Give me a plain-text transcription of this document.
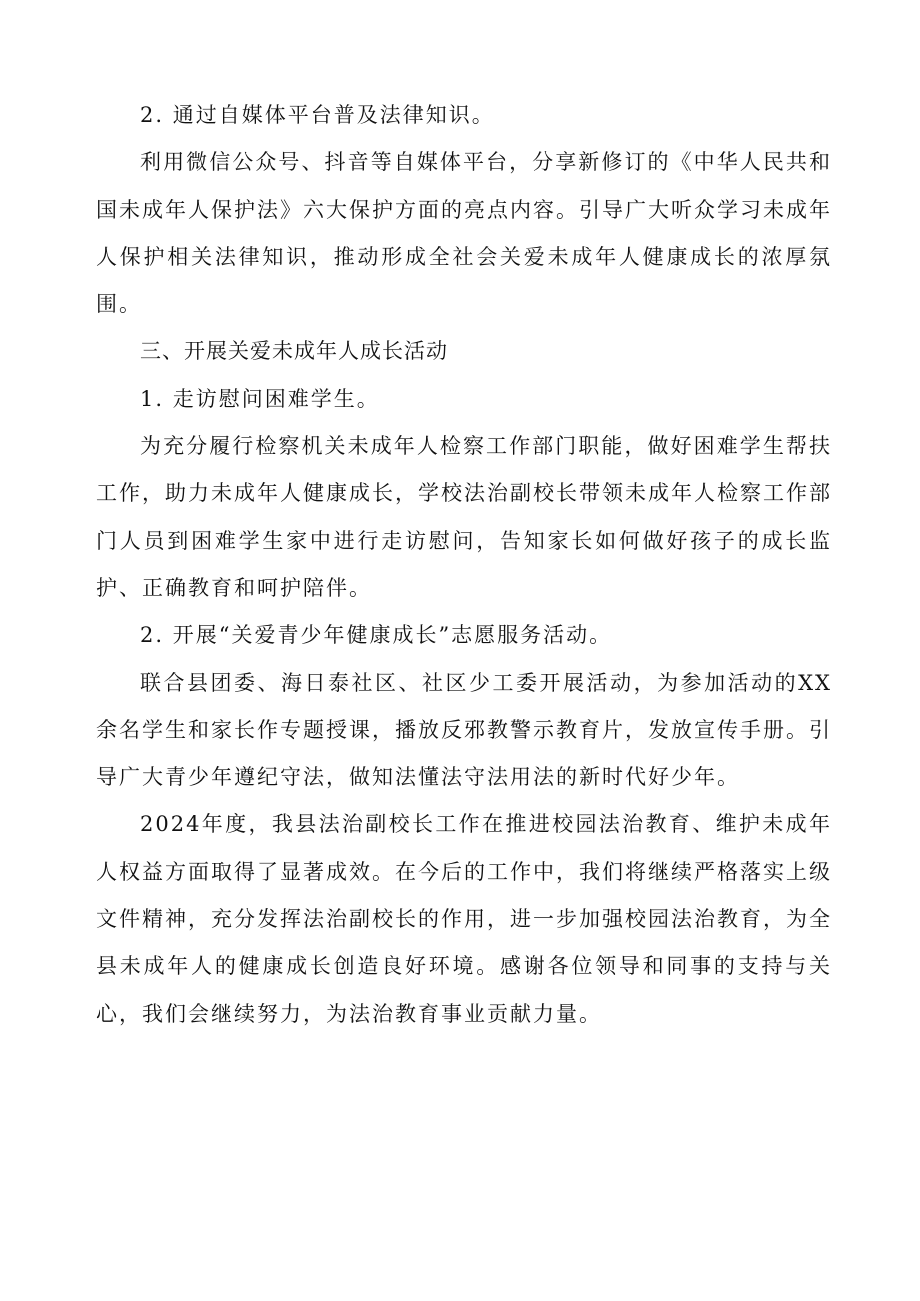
2. 通过自媒体平台普及法律知识。

利用微信公众号、抖音等自媒体平台，分享新修订的《中华人民共和国未成年人保护法》六大保护方面的亮点内容。引导广大听众学习未成年人保护相关法律知识，推动形成全社会关爱未成年人健康成长的浓厚氛围。

三、开展关爱未成年人成长活动

1. 走访慰问困难学生。

为充分履行检察机关未成年人检察工作部门职能，做好困难学生帮扶工作，助力未成年人健康成长，学校法治副校长带领未成年人检察工作部门人员到困难学生家中进行走访慰问，告知家长如何做好孩子的成长监护、正确教育和呵护陪伴。

2. 开展“关爱青少年健康成长”志愿服务活动。

联合县团委、海日泰社区、社区少工委开展活动，为参加活动的XX余名学生和家长作专题授课，播放反邪教警示教育片，发放宣传手册。引导广大青少年遵纪守法，做知法懂法守法用法的新时代好少年。

2024年度，我县法治副校长工作在推进校园法治教育、维护未成年人权益方面取得了显著成效。在今后的工作中，我们将继续严格落实上级文件精神，充分发挥法治副校长的作用，进一步加强校园法治教育，为全县未成年人的健康成长创造良好环境。感谢各位领导和同事的支持与关心，我们会继续努力，为法治教育事业贡献力量。
